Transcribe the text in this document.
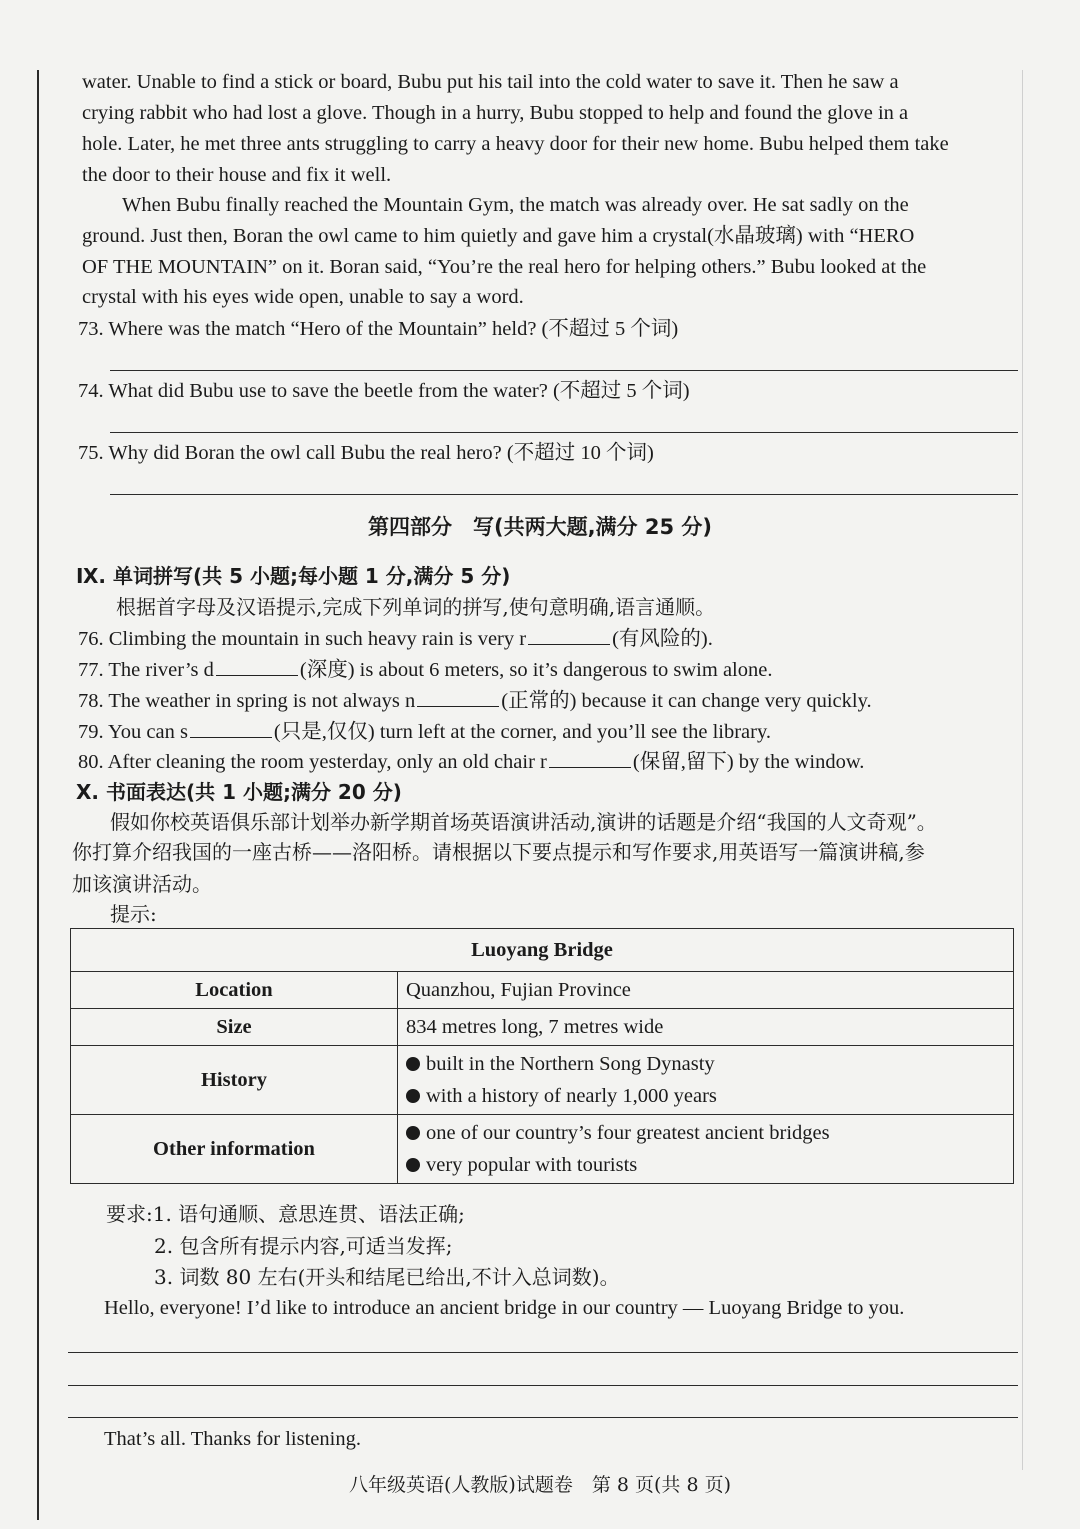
water. Unable to find a stick or board, Bubu put his tail into the cold water to save it. Then he saw a
crying rabbit who had lost a glove. Though in a hurry, Bubu stopped to help and found the glove in a
hole. Later, he met three ants struggling to carry a heavy door for their new home. Bubu helped them take
the door to their house and fix it well.
When Bubu finally reached the Mountain Gym, the match was already over. He sat sadly on the
ground. Just then, Boran the owl came to him quietly and gave him a crystal(水晶玻璃) with “HERO
OF THE MOUNTAIN” on it. Boran said, “You’re the real hero for helping others.” Bubu looked at the
crystal with his eyes wide open, unable to say a word.
73. Where was the match “Hero of the Mountain” held? (不超过 5 个词)
74. What did Bubu use to save the beetle from the water? (不超过 5 个词)
75. Why did Boran the owl call Bubu the real hero? (不超过 10 个词)
第四部分　写(共两大题,满分 25 分)
Ⅸ. 单词拼写(共 5 小题;每小题 1 分,满分 5 分)
根据首字母及汉语提示,完成下列单词的拼写,使句意明确,语言通顺。
76. Climbing the mountain in such heavy rain is very r	(有风险的).
77. The river’s d	(深度) is about 6 meters, so it’s dangerous to swim alone.
78. The weather in spring is not always n	(正常的) because it can change very quickly.
79. You can s	(只是,仅仅) turn left at the corner, and you’ll see the library.
80. After cleaning the room yesterday, only an old chair r	(保留,留下) by the window.
Ⅹ. 书面表达(共 1 小题;满分 20 分)
假如你校英语俱乐部计划举办新学期首场英语演讲活动,演讲的话题是介绍“我国的人文奇观”。
你打算介绍我国的一座古桥——洛阳桥。请根据以下要点提示和写作要求,用英语写一篇演讲稿,参
加该演讲活动。
提示:
Luoyang Bridge	
Location	Quanzhou, Fujian Province
Size	834 metres long, 7 metres wide
History	built in the Northern Song Dynasty
with a history of nearly 1,000 years

Other information	one of our country’s four greatest ancient bridges
very popular with tourists
要求:1. 语句通顺、意思连贯、语法正确;
2. 包含所有提示内容,可适当发挥;
3. 词数 80 左右(开头和结尾已给出,不计入总词数)。
Hello, everyone! I’d like to introduce an ancient bridge in our country — Luoyang Bridge to you.
That’s all. Thanks for listening.
八年级英语(人教版)试题卷　第 8 页(共 8 页)
